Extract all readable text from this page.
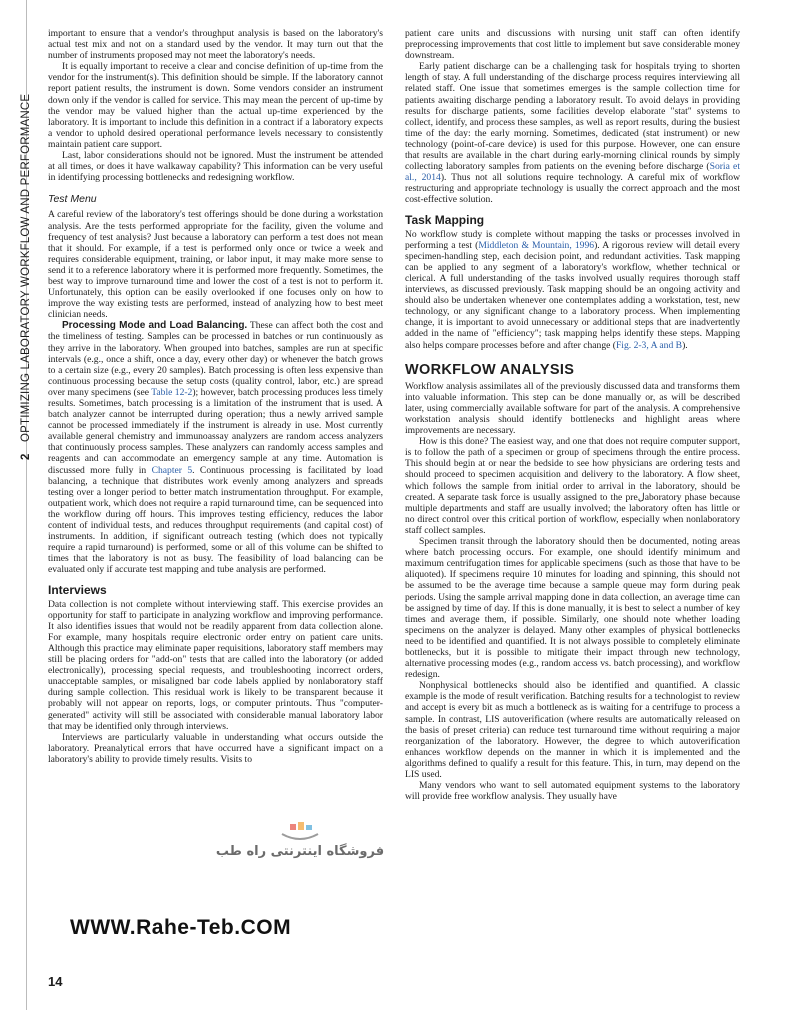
2 OPTIMIZING LABORATORY WORKFLOW AND PERFORMANCE

important to ensure that a vendor's throughput analysis is based on the laboratory's actual test mix and not on a standard used by the vendor. It may turn out that the number of instruments proposed may not meet the laboratory's needs.

It is equally important to receive a clear and concise definition of up-time from the vendor for the instrument(s). This definition should be simple. If the laboratory cannot report patient results, the instrument is down. Some vendors consider an instrument down only if the vendor is called for service. This may mean the percent of up-time by the vendor may be valued higher than the actual up-time experienced by the laboratory. It is important to include this definition in a contract if a laboratory expects a vendor to uphold desired operational performance levels necessary to consistently maintain patient care support.

Last, labor considerations should not be ignored. Must the instrument be attended at all times, or does it have walkaway capability? This information can be very useful in identifying processing bottlenecks and redesigning workflow.

Test Menu

A careful review of the laboratory's test offerings should be done during a workstation analysis. Are the tests performed appropriate for the facility, given the volume and frequency of test analysis? Just because a laboratory can perform a test does not mean that it should. For example, if a test is performed only once or twice a week and requires considerable equipment, training, or labor input, it may make more sense to send it to a reference laboratory where it is performed more frequently. Sometimes, the best way to improve turnaround time and lower the cost of a test is not to perform it. Unfortunately, this option can be easily overlooked if one focuses only on how to improve the way existing tests are performed, instead of analyzing how to best meet clinician needs.

Processing Mode and Load Balancing. These can affect both the cost and the timeliness of testing. Samples can be processed in batches or run continuously as they arrive in the laboratory. When grouped into batches, samples are run at specific intervals (e.g., once a shift, once a day, every other day) or whenever the batch grows to a certain size (e.g., every 20 samples). Batch processing is often less expensive than continuous processing because the setup costs (quality control, labor, etc.) are spread over many specimens (see Table 12-2); however, batch processing produces less timely results. Sometimes, batch processing is a limitation of the instrument that is used. A batch analyzer cannot be interrupted during operation; thus a newly arrived sample cannot be processed immediately if the instrument is already in use. Most currently available general chemistry and immunoassay analyzers are random access analyzers that continuously process samples. These analyzers can randomly access samples and reagents and can accommodate an emergency sample at any time. Automation is discussed more fully in Chapter 5. Continuous processing is facilitated by load balancing, a technique that distributes work evenly among analyzers and spreads testing over a longer period to better match instrumentation throughput. For example, outpatient work, which does not require a rapid turnaround time, can be sequenced into the workflow during off hours. This improves testing efficiency, reduces the labor content of individual tests, and reduces throughput requirements (and capital cost) of instruments. In addition, if significant outreach testing (which does not typically require a rapid turnaround) is performed, some or all of this volume can be shifted to times that the laboratory is not as busy. The feasibility of load balancing can be evaluated only if accurate test mapping and tube analysis are performed.

Interviews

Data collection is not complete without interviewing staff. This exercise provides an opportunity for staff to participate in analyzing workflow and improving performance. It also identifies issues that would not be readily apparent from data collection alone. For example, many hospitals require electronic order entry on patient care units. Although this practice may eliminate paper requisitions, laboratory staff members may still be placing orders for "add-on" tests that are called into the laboratory (or added electronically), processing special requests, and troubleshooting incorrect orders, unacceptable samples, or misaligned bar code labels applied by nonlaboratory staff during sample collection. This residual work is likely to be transparent because it probably will not appear on reports, logs, or computer printouts. Thus "computer-generated" activity will still be associated with considerable manual laboratory labor that may be identified only through interviews.

Interviews are particularly valuable in understanding what occurs outside the laboratory. Preanalytical errors that have occurred have a significant impact on a laboratory's ability to provide timely results. Visits to

patient care units and discussions with nursing unit staff can often identify preprocessing improvements that cost little to implement but save considerable money downstream.

Early patient discharge can be a challenging task for hospitals trying to shorten length of stay. A full understanding of the discharge process requires interviewing all related staff. One issue that sometimes emerges is the sample collection time for patients awaiting discharge pending a laboratory result. To avoid delays in providing results for discharge patients, some facilities develop elaborate "stat" systems to collect, identify, and process these samples, as well as report results, during the busiest time of the day: the early morning. Sometimes, dedicated (stat instrument) or new technology (point-of-care device) is used for this purpose. However, one can ensure that results are available in the chart during early-morning clinical rounds by simply collecting laboratory samples from patients on the evening before discharge (Soria et al., 2014). Thus not all solutions require technology. A careful mix of workflow restructuring and appropriate technology is usually the correct approach and the most cost-effective solution.

Task Mapping

No workflow study is complete without mapping the tasks or processes involved in performing a test (Middleton & Mountain, 1996). A rigorous review will detail every specimen-handling step, each decision point, and redundant activities. Task mapping can be applied to any segment of a laboratory's workflow, whether technical or clerical. A full understanding of the tasks involved usually requires thorough staff interviews, as discussed previously. Task mapping should be an ongoing activity and should also be undertaken whenever one contemplates adding a workstation, test, new technology, or any significant change to a laboratory process. When implementing change, it is important to avoid unnecessary or additional steps that are inadvertently added in the name of "efficiency"; task mapping helps identify these steps. Mapping also helps compare processes before and after change (Fig. 2-3, A and B).

WORKFLOW ANALYSIS

Workflow analysis assimilates all of the previously discussed data and transforms them into valuable information. This step can be done manually or, as will be described later, using commercially available software for part of the analysis. A comprehensive workstation analysis should identify bottlenecks and highlight areas where improvements are necessary.

How is this done? The easiest way, and one that does not require computer support, is to follow the path of a specimen or group of specimens through the entire process. This should begin at or near the bedside to see how physicians are ordering tests and should proceed to specimen acquisition and delivery to the laboratory. A flow sheet, which follows the sample from initial order to arrival in the laboratory, should be created. A separate task force is usually assigned to the preلaboratory phase because multiple departments and staff are usually involved; the laboratory often has little or no direct control over this critical portion of workflow, especially when nonlaboratory staff collect samples.

Specimen transit through the laboratory should then be documented, noting areas where batch processing occurs. For example, one should identify minimum and maximum centrifugation times for applicable specimens (such as those that have to be aliquoted). If specimens require 10 minutes for loading and spinning, this should not be assumed to be the average time because a sample queue may form during peak periods. Using the sample arrival mapping done in data collection, an average time can be assigned by time of day. If this is done manually, it is best to select a number of key times and average them, if possible. Similarly, one should note whether loading specimens on the analyzer is delayed. Many other examples of physical bottlenecks need to be identified and quantified. It is not always possible to completely eliminate bottlenecks, but it is possible to mitigate their impact through new technology, alternative processing modes (e.g., random access vs. batch processing), and workflow redesign.

Nonphysical bottlenecks should also be identified and quantified. A classic example is the mode of result verification. Batching results for a technologist to review and accept is every bit as much a bottleneck as is waiting for a centrifuge to process a sample. In contrast, LIS autoverification (where results are automatically released on the basis of preset criteria) can reduce test turnaround time without requiring a major reorganization of the laboratory. However, the degree to which autoverification enhances workflow depends on the manner in which it is implemented and the algorithms defined to qualify a result for this feature. This, in turn, may depend on the LIS used.

Many vendors who want to sell automated equipment systems to the laboratory will provide free workflow analysis. They usually have

فروشگاه اینترنتی راه طب
WWW.Rahe-Teb.COM
14
